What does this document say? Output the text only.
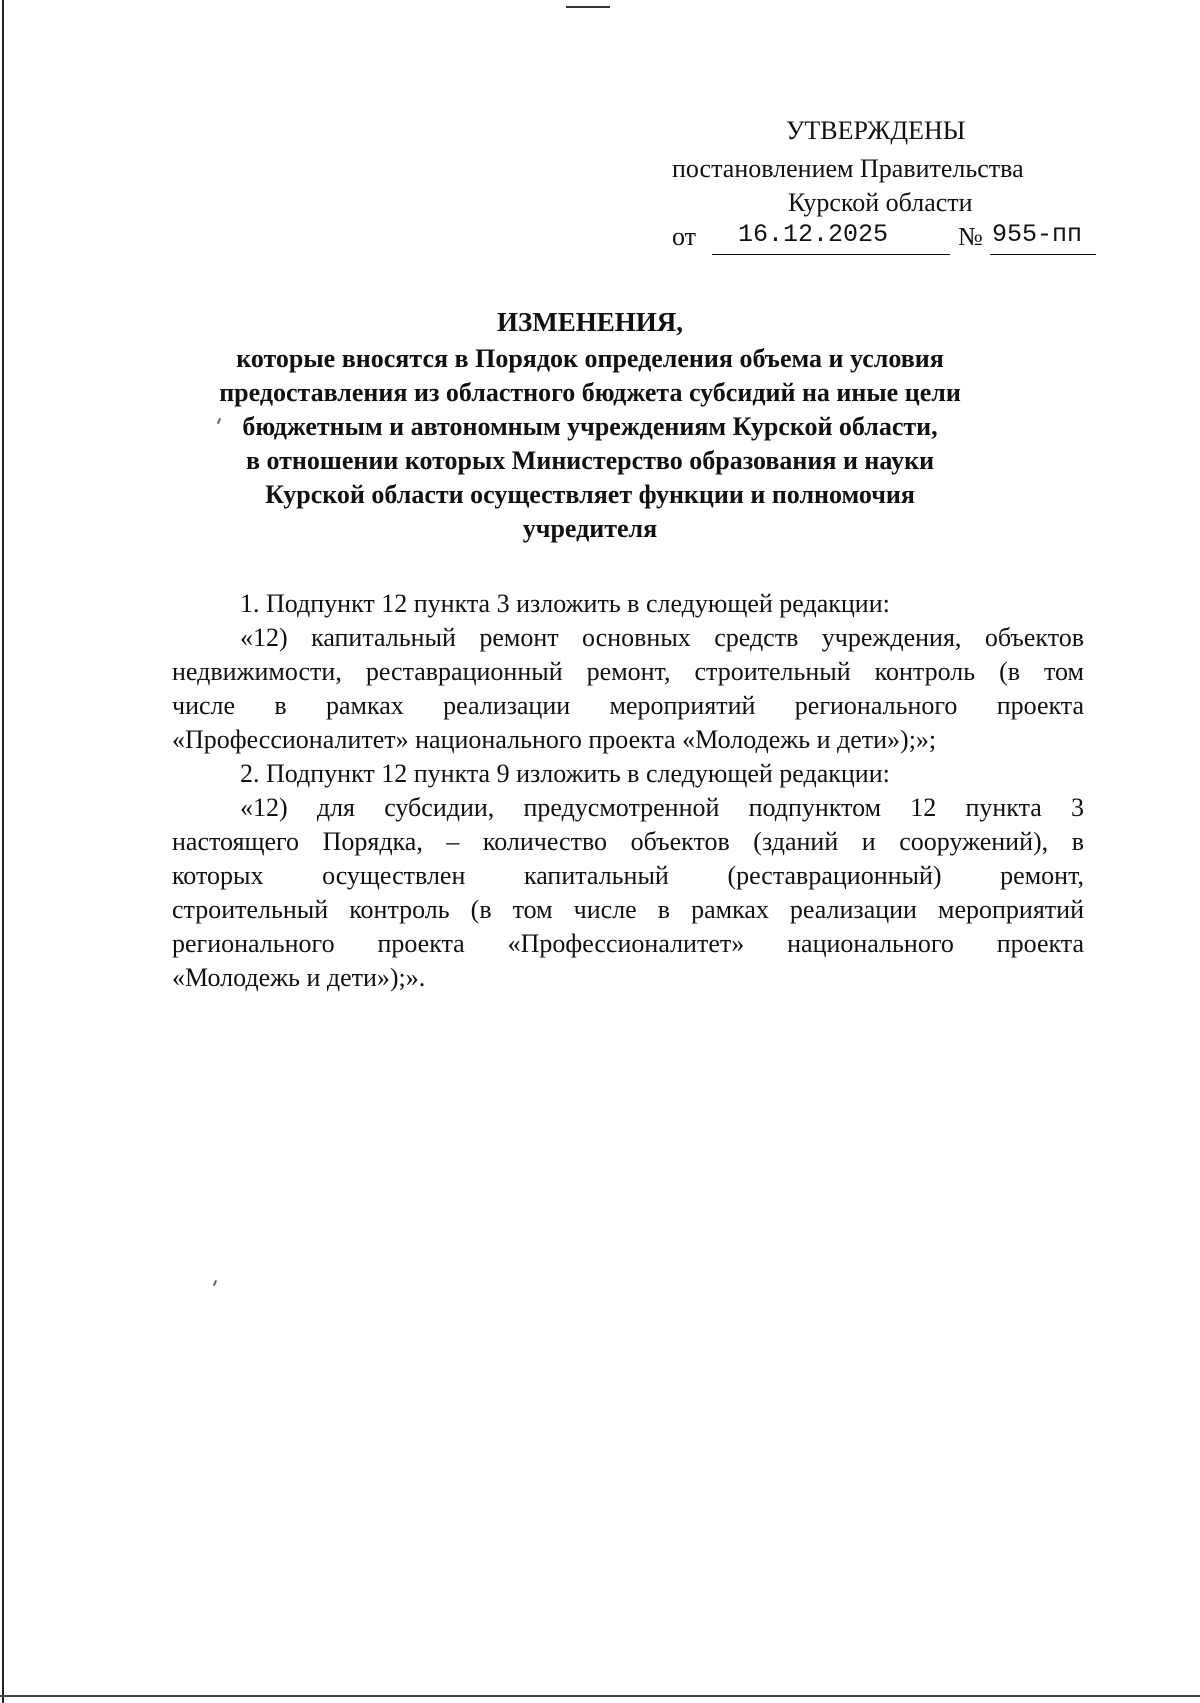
УТВЕРЖДЕНЫ
постановлением Правительства
Курской области
от 16.12.2025	№ 955-пп
ИЗМЕНЕНИЯ,
которые вносятся в Порядок определения объема и условия
предоставления из областного бюджета субсидий на иные цели
бюджетным и автономным учреждениям Курской области,
в отношении которых Министерство образования и науки
Курской области осуществляет функции и полномочия
учредителя
1. Подпункт 12 пункта 3 изложить в следующей редакции:
«12) капитальный ремонт основных средств учреждения, объектов
недвижимости, реставрационный ремонт, строительный контроль (в том
числе в рамках реализации мероприятий регионального проекта
«Профессионалитет» национального проекта «Молодежь и дети»);»;
2. Подпункт 12 пункта 9 изложить в следующей редакции:
«12) для субсидии, предусмотренной подпунктом 12 пункта 3
настоящего Порядка, – количество объектов (зданий и сооружений), в
которых осуществлен капитальный (реставрационный) ремонт,
строительный контроль (в том числе в рамках реализации мероприятий
регионального проекта «Профессионалитет» национального проекта
«Молодежь и дети»);».
